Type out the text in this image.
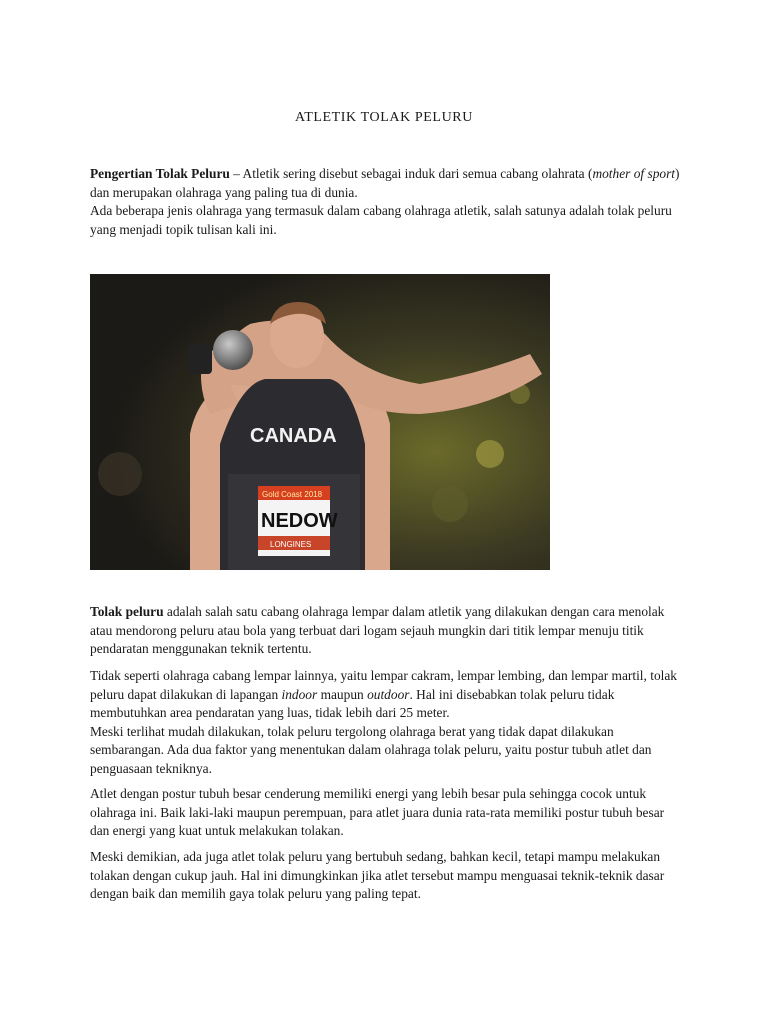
ATLETIK TOLAK PELURU

Pengertian Tolak Peluru – Atletik sering disebut sebagai induk dari semua cabang olahrata (mother of sport) dan merupakan olahraga yang paling tua di dunia.
Ada beberapa jenis olahraga yang termasuk dalam cabang olahraga atletik, salah satunya adalah tolak peluru yang menjadi topik tulisan kali ini.

CANADA
Gold Coast 2018
NEDOW
LONGINES

Tolak peluru adalah salah satu cabang olahraga lempar dalam atletik yang dilakukan dengan cara menolak atau mendorong peluru atau bola yang terbuat dari logam sejauh mungkin dari titik lempar menuju titik pendaratan menggunakan teknik tertentu.

Tidak seperti olahraga cabang lempar lainnya, yaitu lempar cakram, lempar lembing, dan lempar martil, tolak peluru dapat dilakukan di lapangan indoor maupun outdoor. Hal ini disebabkan tolak peluru tidak membutuhkan area pendaratan yang luas, tidak lebih dari 25 meter.
Meski terlihat mudah dilakukan, tolak peluru tergolong olahraga berat yang tidak dapat dilakukan sembarangan. Ada dua faktor yang menentukan dalam olahraga tolak peluru, yaitu postur tubuh atlet dan penguasaan tekniknya.

Atlet dengan postur tubuh besar cenderung memiliki energi yang lebih besar pula sehingga cocok untuk olahraga ini. Baik laki-laki maupun perempuan, para atlet juara dunia rata-rata memiliki postur tubuh besar dan energi yang kuat untuk melakukan tolakan.

Meski demikian, ada juga atlet tolak peluru yang bertubuh sedang, bahkan kecil, tetapi mampu melakukan tolakan dengan cukup jauh. Hal ini dimungkinkan jika atlet tersebut mampu menguasai teknik-teknik dasar dengan baik dan memilih gaya tolak peluru yang paling tepat.
